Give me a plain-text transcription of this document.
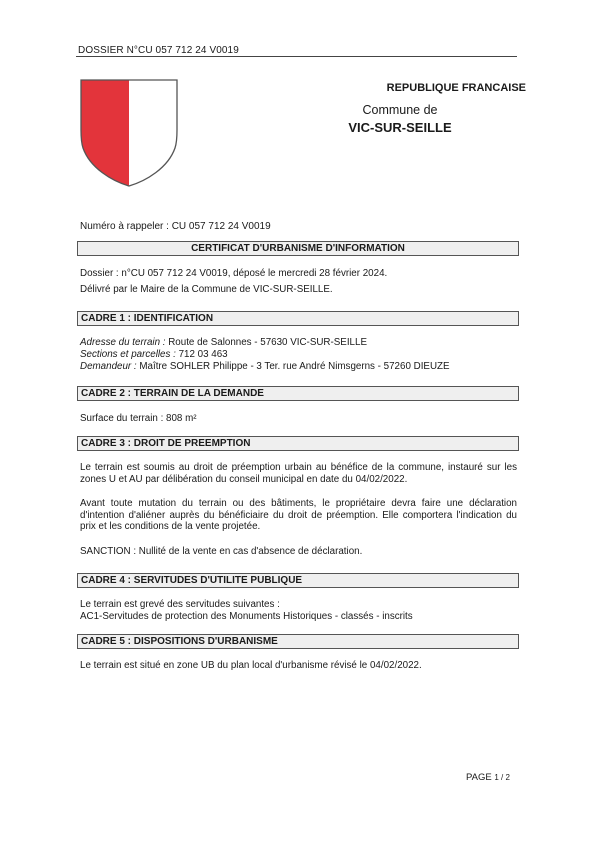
DOSSIER N°CU 057 712 24 V0019
REPUBLIQUE FRANCAISE
Commune de
VIC-SUR-SEILLE
Numéro à rappeler : CU 057 712 24 V0019
CERTIFICAT D'URBANISME D'INFORMATION
Dossier : n°CU 057 712 24 V0019, déposé le mercredi 28 février 2024.
Délivré par le Maire de la Commune de VIC-SUR-SEILLE.
CADRE 1 : IDENTIFICATION
Adresse du terrain : Route de Salonnes - 57630 VIC-SUR-SEILLE
Sections et parcelles : 712 03 463
Demandeur : Maître SOHLER Philippe - 3 Ter. rue André Nimsgerns - 57260 DIEUZE
CADRE 2 : TERRAIN DE LA DEMANDE
Surface du terrain : 808 m²
CADRE 3 : DROIT DE PREEMPTION
Le terrain est soumis au droit de préemption urbain au bénéfice de la commune, instauré sur les zones U et AU par délibération du conseil municipal en date du 04/02/2022.
Avant toute mutation du terrain ou des bâtiments, le propriétaire devra faire une déclaration d'intention d'aliéner auprès du bénéficiaire du droit de préemption. Elle comportera l'indication du prix et les conditions de la vente projetée.
SANCTION : Nullité de la vente en cas d'absence de déclaration.
CADRE 4 : SERVITUDES D'UTILITE PUBLIQUE
Le terrain est grevé des servitudes suivantes :
AC1-Servitudes de protection des Monuments Historiques - classés - inscrits
CADRE 5 : DISPOSITIONS D'URBANISME
Le terrain est situé en zone UB du plan local d'urbanisme révisé le 04/02/2022.
PAGE 1 / 2
